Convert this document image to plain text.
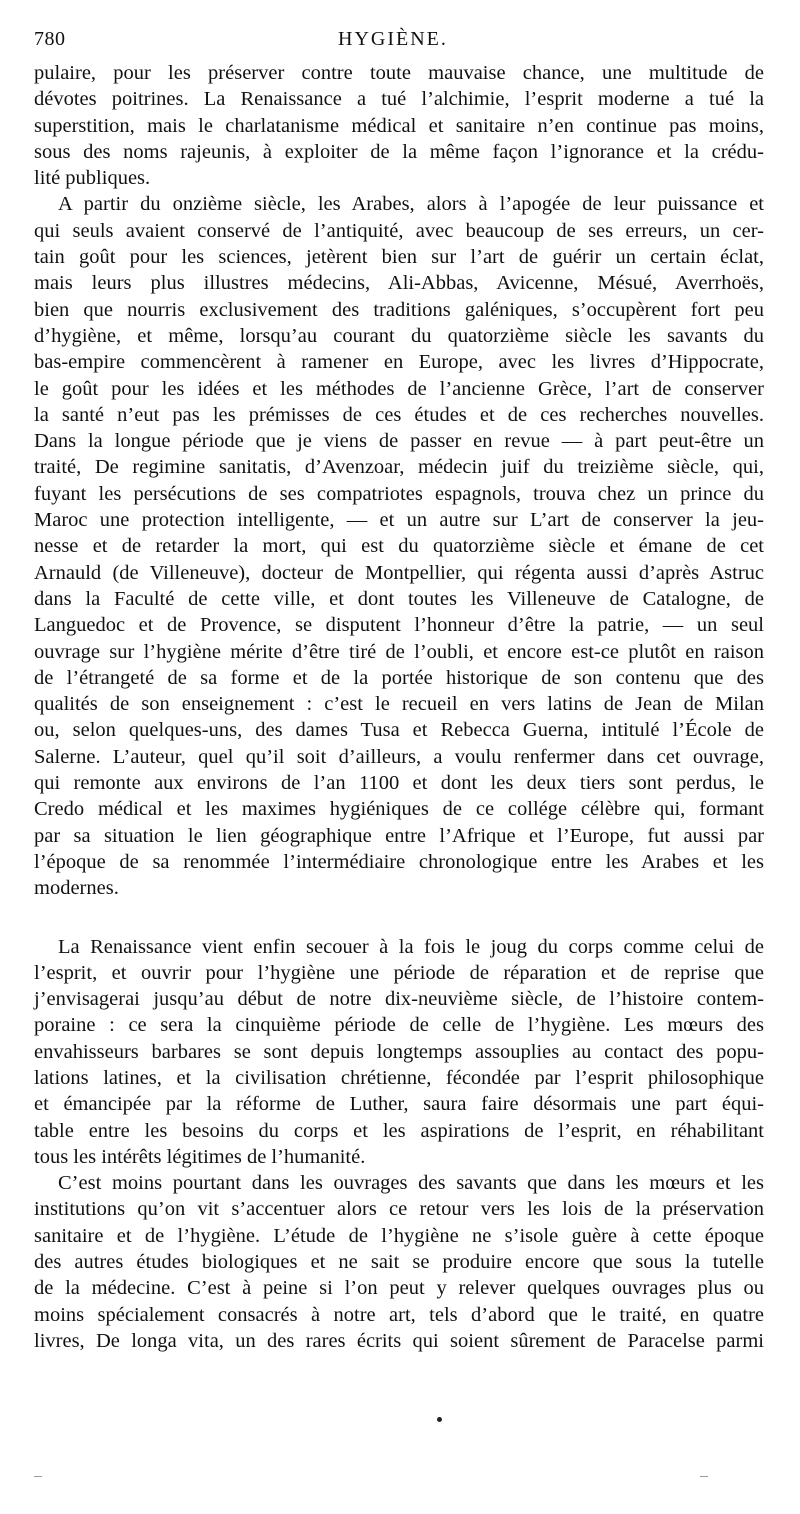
780	HYGIÈNE.
pulaire, pour les préserver contre toute mauvaise chance, une multitude de
dévotes poitrines. La Renaissance a tué l’alchimie, l’esprit moderne a tué la
superstition, mais le charlatanisme médical et sanitaire n’en continue pas moins,
sous des noms rajeunis, à exploiter de la même façon l’ignorance et la crédu-
lité publiques.
A partir du onzième siècle, les Arabes, alors à l’apogée de leur puissance et
qui seuls avaient conservé de l’antiquité, avec beaucoup de ses erreurs, un cer-
tain goût pour les sciences, jetèrent bien sur l’art de guérir un certain éclat,
mais leurs plus illustres médecins, Ali-Abbas, Avicenne, Mésué, Averrhoës,
bien que nourris exclusivement des traditions galéniques, s’occupèrent fort peu
d’hygiène, et même, lorsqu’au courant du quatorzième siècle les savants du
bas-empire commencèrent à ramener en Europe, avec les livres d’Hippocrate,
le goût pour les idées et les méthodes de l’ancienne Grèce, l’art de conserver
la santé n’eut pas les prémisses de ces études et de ces recherches nouvelles.
Dans la longue période que je viens de passer en revue — à part peut-être un
traité, De regimine sanitatis, d’Avenzoar, médecin juif du treizième siècle, qui,
fuyant les persécutions de ses compatriotes espagnols, trouva chez un prince du
Maroc une protection intelligente, — et un autre sur L’art de conserver la jeu-
nesse et de retarder la mort, qui est du quatorzième siècle et émane de cet
Arnauld (de Villeneuve), docteur de Montpellier, qui régenta aussi d’après Astruc
dans la Faculté de cette ville, et dont toutes les Villeneuve de Catalogne, de
Languedoc et de Provence, se disputent l’honneur d’être la patrie, — un seul
ouvrage sur l’hygiène mérite d’être tiré de l’oubli, et encore est-ce plutôt en raison
de l’étrangeté de sa forme et de la portée historique de son contenu que des
qualités de son enseignement : c’est le recueil en vers latins de Jean de Milan
ou, selon quelques-uns, des dames Tusa et Rebecca Guerna, intitulé l’École de
Salerne. L’auteur, quel qu’il soit d’ailleurs, a voulu renfermer dans cet ouvrage,
qui remonte aux environs de l’an 1100 et dont les deux tiers sont perdus, le
Credo médical et les maximes hygiéniques de ce collége célèbre qui, formant
par sa situation le lien géographique entre l’Afrique et l’Europe, fut aussi par
l’époque de sa renommée l’intermédiaire chronologique entre les Arabes et les
modernes.
La Renaissance vient enfin secouer à la fois le joug du corps comme celui de
l’esprit, et ouvrir pour l’hygiène une période de réparation et de reprise que
j’envisagerai jusqu’au début de notre dix-neuvième siècle, de l’histoire contem-
poraine : ce sera la cinquième période de celle de l’hygiène. Les mœurs des
envahisseurs barbares se sont depuis longtemps assouplies au contact des popu-
lations latines, et la civilisation chrétienne, fécondée par l’esprit philosophique
et émancipée par la réforme de Luther, saura faire désormais une part équi-
table entre les besoins du corps et les aspirations de l’esprit, en réhabilitant
tous les intérêts légitimes de l’humanité.
C’est moins pourtant dans les ouvrages des savants que dans les mœurs et les
institutions qu’on vit s’accentuer alors ce retour vers les lois de la préservation
sanitaire et de l’hygiène. L’étude de l’hygiène ne s’isole guère à cette époque
des autres études biologiques et ne sait se produire encore que sous la tutelle
de la médecine. C’est à peine si l’on peut y relever quelques ouvrages plus ou
moins spécialement consacrés à notre art, tels d’abord que le traité, en quatre
livres, De longa vita, un des rares écrits qui soient sûrement de Paracelse parmi
